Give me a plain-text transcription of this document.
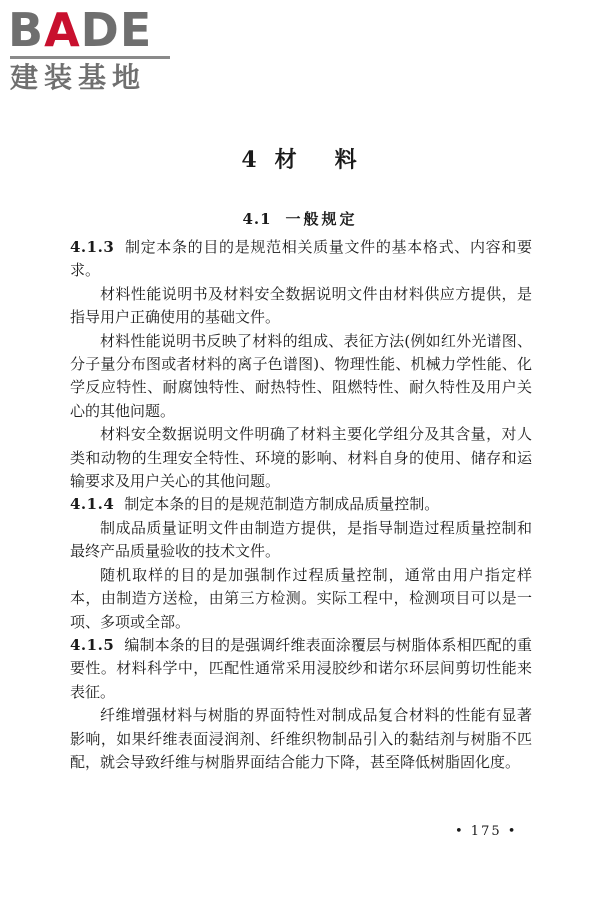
BADE
建装基地
4 材 料
4.1 一般规定

4.1.3 制定本条的目的是规范相关质量文件的基本格式、内容和要求。

材料性能说明书及材料安全数据说明文件由材料供应方提供，是指导用户正确使用的基础文件。

材料性能说明书反映了材料的组成、表征方法(例如红外光谱图、分子量分布图或者材料的离子色谱图)、物理性能、机械力学性能、化学反应特性、耐腐蚀特性、耐热特性、阻燃特性、耐久特性及用户关心的其他问题。

材料安全数据说明文件明确了材料主要化学组分及其含量，对人类和动物的生理安全特性、环境的影响、材料自身的使用、储存和运输要求及用户关心的其他问题。

4.1.4 制定本条的目的是规范制造方制成品质量控制。

制成品质量证明文件由制造方提供，是指导制造过程质量控制和最终产品质量验收的技术文件。

随机取样的目的是加强制作过程质量控制，通常由用户指定样本，由制造方送检，由第三方检测。实际工程中，检测项目可以是一项、多项或全部。

4.1.5 编制本条的目的是强调纤维表面涂覆层与树脂体系相匹配的重要性。材料科学中，匹配性通常采用浸胶纱和诺尔环层间剪切性能来表征。

纤维增强材料与树脂的界面特性对制成品复合材料的性能有显著影响，如果纤维表面浸润剂、纤维织物制品引入的黏结剂与树脂不匹配，就会导致纤维与树脂界面结合能力下降，甚至降低树脂固化度。

• 175 •
